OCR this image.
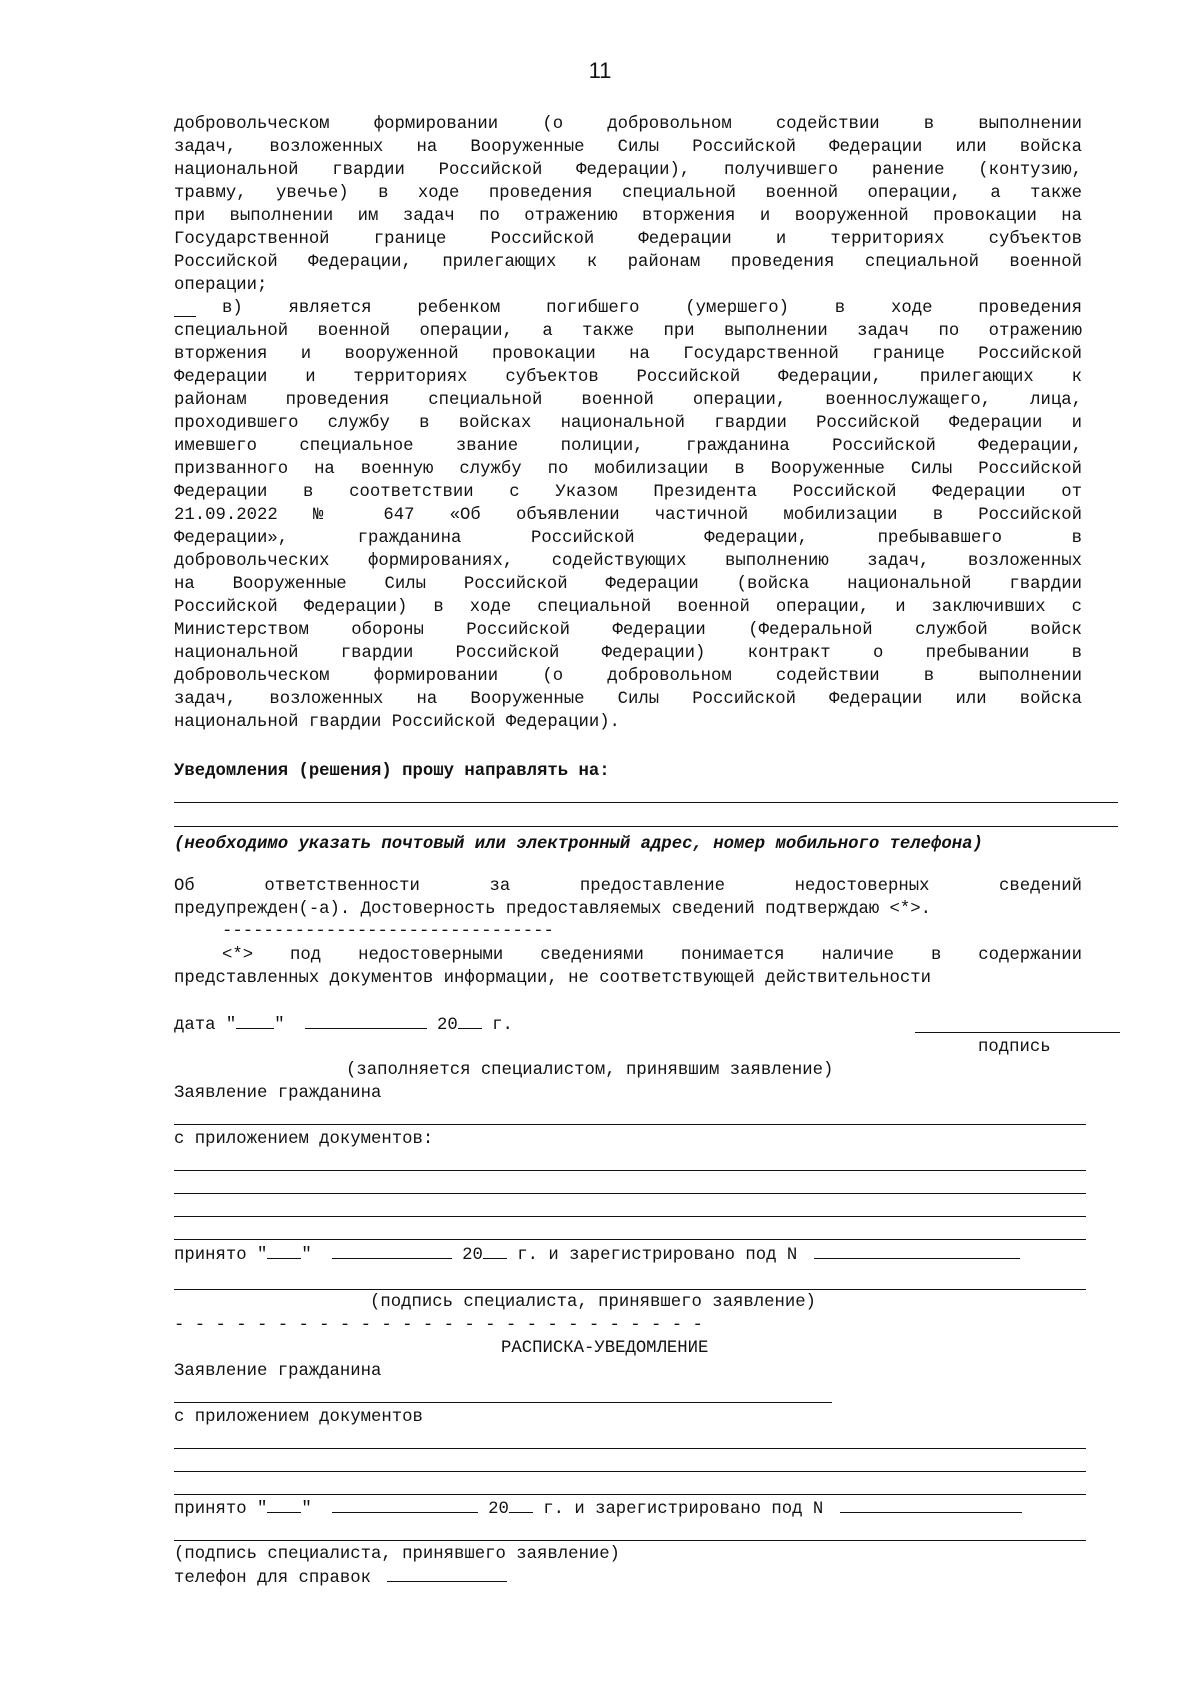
11
добровольческом формировании (о добровольном содействии в выполнении
задач, возложенных на Вооруженные Силы Российской Федерации или войска
национальной гвардии Российской Федерации), получившего ранение (контузию,
травму, увечье) в ходе проведения специальной военной операции, а также
при выполнении им задач по отражению вторжения и вооруженной провокации на
Государственной границе Российской Федерации и территориях субъектов
Российской Федерации, прилегающих к районам проведения специальной военной
операции;
в) является ребенком погибшего (умершего) в ходе проведения
специальной военной операции, а также при выполнении задач по отражению
вторжения и вооруженной провокации на Государственной границе Российской
Федерации и территориях субъектов Российской Федерации, прилегающих к
районам проведения специальной военной операции, военнослужащего, лица,
проходившего службу в войсках национальной гвардии Российской Федерации и
имевшего специальное звание полиции, гражданина Российской Федерации,
призванного на военную службу по мобилизации в Вооруженные Силы Российской
Федерации в соответствии с Указом Президента Российской Федерации от
21.09.2022 № 647 «Об объявлении частичной мобилизации в Российской
Федерации», гражданина Российской Федерации, пребывавшего в
добровольческих формированиях, содействующих выполнению задач, возложенных
на Вооруженные Силы Российской Федерации (войска национальной гвардии
Российской Федерации) в ходе специальной военной операции, и заключивших с
Министерством обороны Российской Федерации (Федеральной службой войск
национальной гвардии Российской Федерации) контракт о пребывании в
добровольческом формировании (о добровольном содействии в выполнении
задач, возложенных на Вооруженные Силы Российской Федерации или войска
национальной гвардии Российской Федерации).
Уведомления (решения) прошу направлять на:
(необходимо указать почтовый или электронный адрес, номер мобильного телефона)
Об ответственности за предоставление недостоверных сведений
предупрежден(-а). Достоверность предоставляемых сведений подтверждаю <*>.
--------------------------------
<*> под недостоверными сведениями понимается наличие в содержании
представленных документов информации, не соответствующей действительности
дата " "	20 г.
подпись
(заполняется специалистом, принявшим заявление)
Заявление гражданина
с приложением документов:
принято " "	20 г. и зарегистрировано под N
(подпись специалиста, принявшего заявление)
- - - - - - - - - - - - - - - - - - - - - - - - - -
РАСПИСКА-УВЕДОМЛЕНИЕ
Заявление гражданина
с приложением документов
принято " "	20 г. и зарегистрировано под N
(подпись специалиста, принявшего заявление)
телефон для справок
